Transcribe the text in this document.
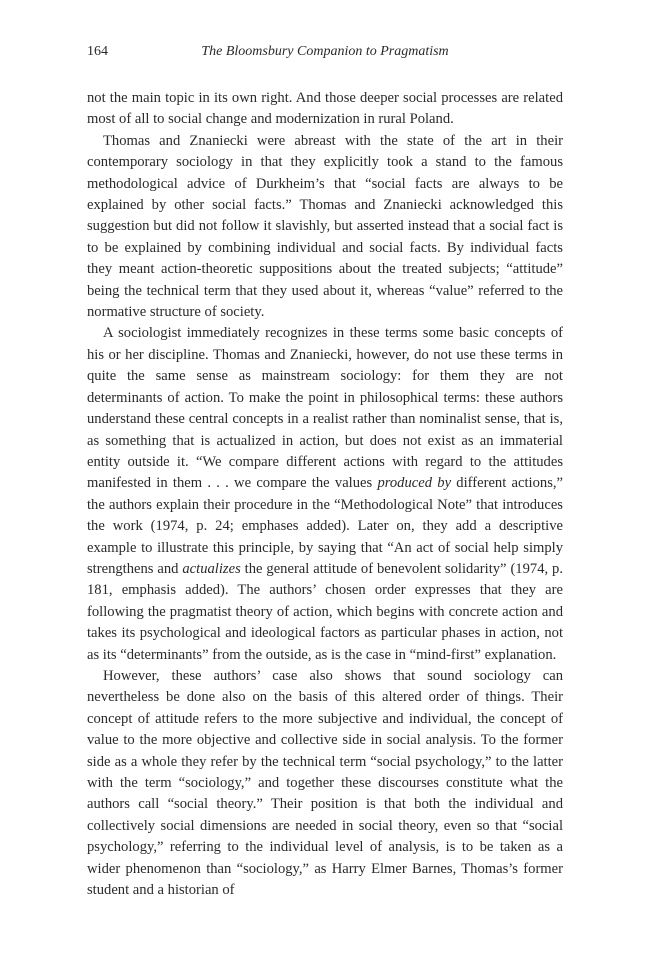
164	The Bloomsbury Companion to Pragmatism

not the main topic in its own right. And those deeper social processes are related most of all to social change and modernization in rural Poland.

Thomas and Znaniecki were abreast with the state of the art in their contemporary sociology in that they explicitly took a stand to the famous methodological advice of Durkheim’s that “social facts are always to be explained by other social facts.” Thomas and Znaniecki acknowledged this suggestion but did not follow it slavishly, but asserted instead that a social fact is to be explained by combining individual and social facts. By individual facts they meant action-theoretic suppositions about the treated subjects; “attitude” being the technical term that they used about it, whereas “value” referred to the normative structure of society.

A sociologist immediately recognizes in these terms some basic concepts of his or her discipline. Thomas and Znaniecki, however, do not use these terms in quite the same sense as mainstream sociology: for them they are not determinants of action. To make the point in philosophical terms: these authors understand these central concepts in a realist rather than nominalist sense, that is, as something that is actualized in action, but does not exist as an immaterial entity outside it. “We compare different actions with regard to the attitudes manifested in them . . . we compare the values produced by different actions,” the authors explain their procedure in the “Methodological Note” that introduces the work (1974, p. 24; emphases added). Later on, they add a descriptive example to illustrate this principle, by saying that “An act of social help simply strengthens and actualizes the general attitude of benevolent solidarity” (1974, p. 181, emphasis added). The authors’ chosen order expresses that they are following the pragmatist theory of action, which begins with concrete action and takes its psychological and ideological factors as particular phases in action, not as its “determinants” from the outside, as is the case in “mind-first” explanation.

However, these authors’ case also shows that sound sociology can nevertheless be done also on the basis of this altered order of things. Their concept of attitude refers to the more subjective and individual, the concept of value to the more objective and collective side in social analysis. To the former side as a whole they refer by the technical term “social psychology,” to the latter with the term “sociology,” and together these discourses constitute what the authors call “social theory.” Their position is that both the individual and collectively social dimensions are needed in social theory, even so that “social psychology,” referring to the individual level of analysis, is to be taken as a wider phenomenon than “sociology,” as Harry Elmer Barnes, Thomas’s former student and a historian of
